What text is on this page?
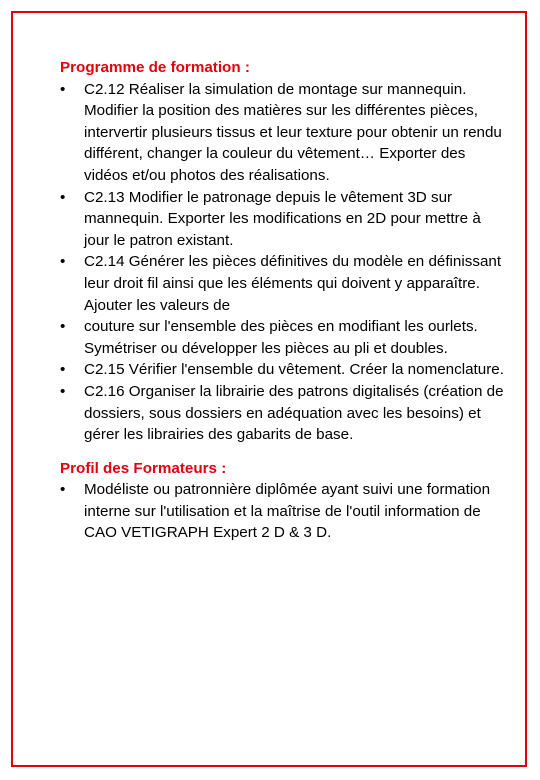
Programme de formation :
• C2.12 Réaliser la simulation de montage sur mannequin. Modifier la position des matières sur les différentes pièces, intervertir plusieurs tissus et leur texture pour obtenir un rendu différent, changer la couleur du vêtement… Exporter des vidéos et/ou photos des réalisations.
• C2.13 Modifier le patronage depuis le vêtement 3D sur mannequin. Exporter les modifications en 2D pour mettre à jour le patron existant.
• C2.14 Générer les pièces définitives du modèle en définissant leur droit fil ainsi que les éléments qui doivent y apparaître. Ajouter les valeurs de
• couture sur l'ensemble des pièces en modifiant les ourlets. Symétriser ou développer les pièces au pli et doubles.
• C2.15 Vérifier l'ensemble du vêtement. Créer la nomenclature.
• C2.16 Organiser la librairie des patrons digitalisés (création de dossiers, sous dossiers en adéquation avec les besoins) et gérer les librairies des gabarits de base.
Profil des Formateurs :
• Modéliste ou patronnière diplômée ayant suivi une formation interne sur l'utilisation et la maîtrise de l'outil information de CAO VETIGRAPH Expert 2 D & 3 D.
